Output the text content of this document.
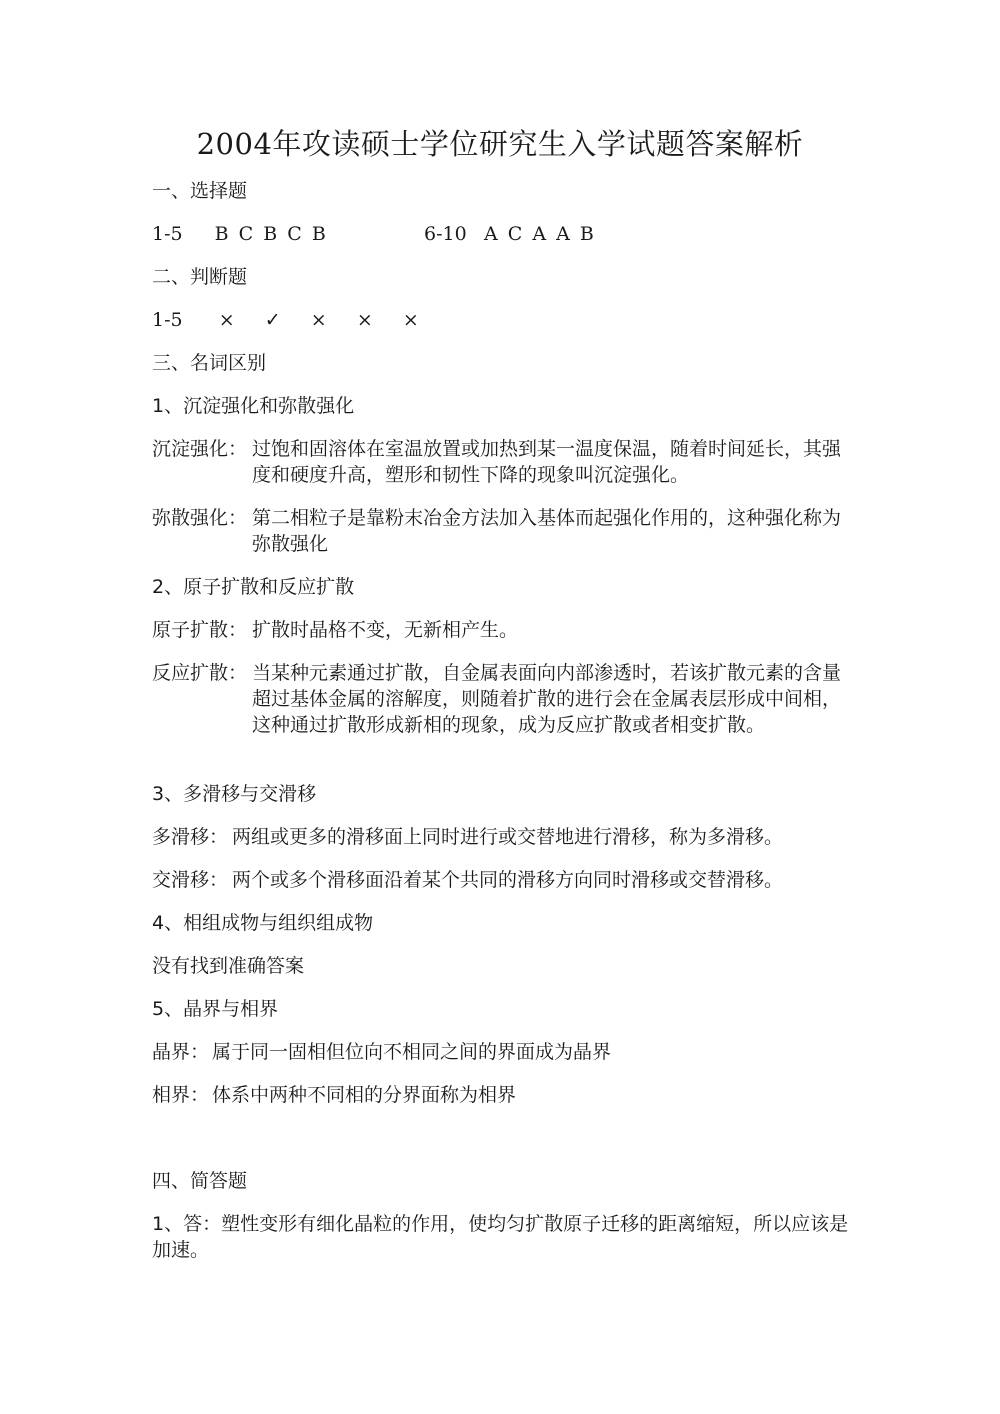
2004年攻读硕士学位研究生入学试题答案解析
一、选择题
1-5 B C B C B	6-10 A C A A B
二、判断题
1-5 × ✓ × × ×
三、名词区别
1、沉淀强化和弥散强化
沉淀强化： 过饱和固溶体在室温放置或加热到某一温度保温，随着时间延长，其强度和硬度升高，塑形和韧性下降的现象叫沉淀强化。
弥散强化： 第二相粒子是靠粉末冶金方法加入基体而起强化作用的，这种强化称为弥散强化
2、原子扩散和反应扩散
原子扩散： 扩散时晶格不变，无新相产生。
反应扩散： 当某种元素通过扩散，自金属表面向内部渗透时，若该扩散元素的含量超过基体金属的溶解度，则随着扩散的进行会在金属表层形成中间相，这种通过扩散形成新相的现象，成为反应扩散或者相变扩散。
3、多滑移与交滑移
多滑移： 两组或更多的滑移面上同时进行或交替地进行滑移，称为多滑移。
交滑移： 两个或多个滑移面沿着某个共同的滑移方向同时滑移或交替滑移。
4、相组成物与组织组成物
没有找到准确答案
5、晶界与相界
晶界： 属于同一固相但位向不相同之间的界面成为晶界
相界： 体系中两种不同相的分界面称为相界
四、简答题
1、答：塑性变形有细化晶粒的作用，使均匀扩散原子迁移的距离缩短，所以应该是加速。
